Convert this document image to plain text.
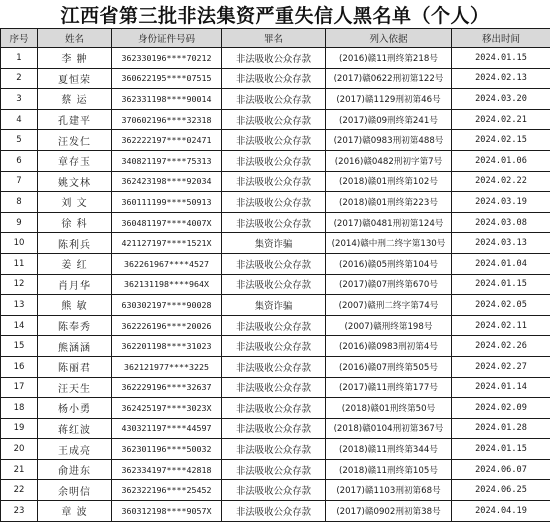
江西省第三批非法集资严重失信人黑名单（个人）
序号	姓名	身份证件号码	罪名	列入依据	移出时间
1	李 翀	362330196****70212	非法吸收公众存款	(2016)赣11刑终第218号	2024.01.15
2	夏恒荣	360622195****07515	非法吸收公众存款	(2017)赣0622刑初第122号	2024.02.13
3	蔡 运	362331198****90014	非法吸收公众存款	(2017)赣1129刑初第46号	2024.03.20
4	孔建平	370602196****32318	非法吸收公众存款	(2017)赣09刑终第241号	2024.02.21
5	汪发仁	362222197****02471	非法吸收公众存款	(2017)赣0983刑初第488号	2024.02.15
6	章存玉	340821197****75313	非法吸收公众存款	(2016)赣0482刑初字第7号	2024.01.06
7	姚文林	362423198****92034	非法吸收公众存款	(2018)赣01刑终第102号	2024.02.22
8	刘 文	360111199****50913	非法吸收公众存款	(2018)赣01刑终第223号	2024.03.19
9	徐 科	360481197****4007X	非法吸收公众存款	(2017)赣0481刑初第124号	2024.03.08
10	陈利兵	421127197****1521X	集资诈骗	(2014)赣中刑二终字第130号	2024.03.13
11	姜 红	362261967****4527	非法吸收公众存款	(2016)赣05刑终第104号	2024.01.04
12	肖月华	362131198****964X	非法吸收公众存款	(2017)赣07刑终第670号	2024.01.15
13	熊 敏	630302197****90028	集资诈骗	(2007)赣刑二终字第74号	2024.02.05
14	陈奉秀	362226196****20026	非法吸收公众存款	(2007)赣刑终第198号	2024.02.11
15	熊涵涵	362201198****31023	非法吸收公众存款	(2016)赣0983刑初第4号	2024.02.26
16	陈丽君	362121977****3225	非法吸收公众存款	(2016)赣07刑终第505号	2024.02.27
17	汪天生	362229196****32637	非法吸收公众存款	(2017)赣11刑终第177号	2024.01.14
18	杨小勇	362425197****3023X	非法吸收公众存款	(2018)赣01刑终第50号	2024.02.09
19	蒋红波	430321197****44597	非法吸收公众存款	(2018)赣0104刑初第367号	2024.01.28
20	王成亮	362301196****50032	非法吸收公众存款	(2018)赣11刑终第344号	2024.01.15
21	俞进东	362334197****42818	非法吸收公众存款	(2018)赣11刑终第105号	2024.06.07
22	余明信	362322196****25452	非法吸收公众存款	(2017)赣1103刑初第68号	2024.06.25
23	章 波	360312198****9057X	非法吸收公众存款	(2017)赣0902刑初第38号	2024.04.19
